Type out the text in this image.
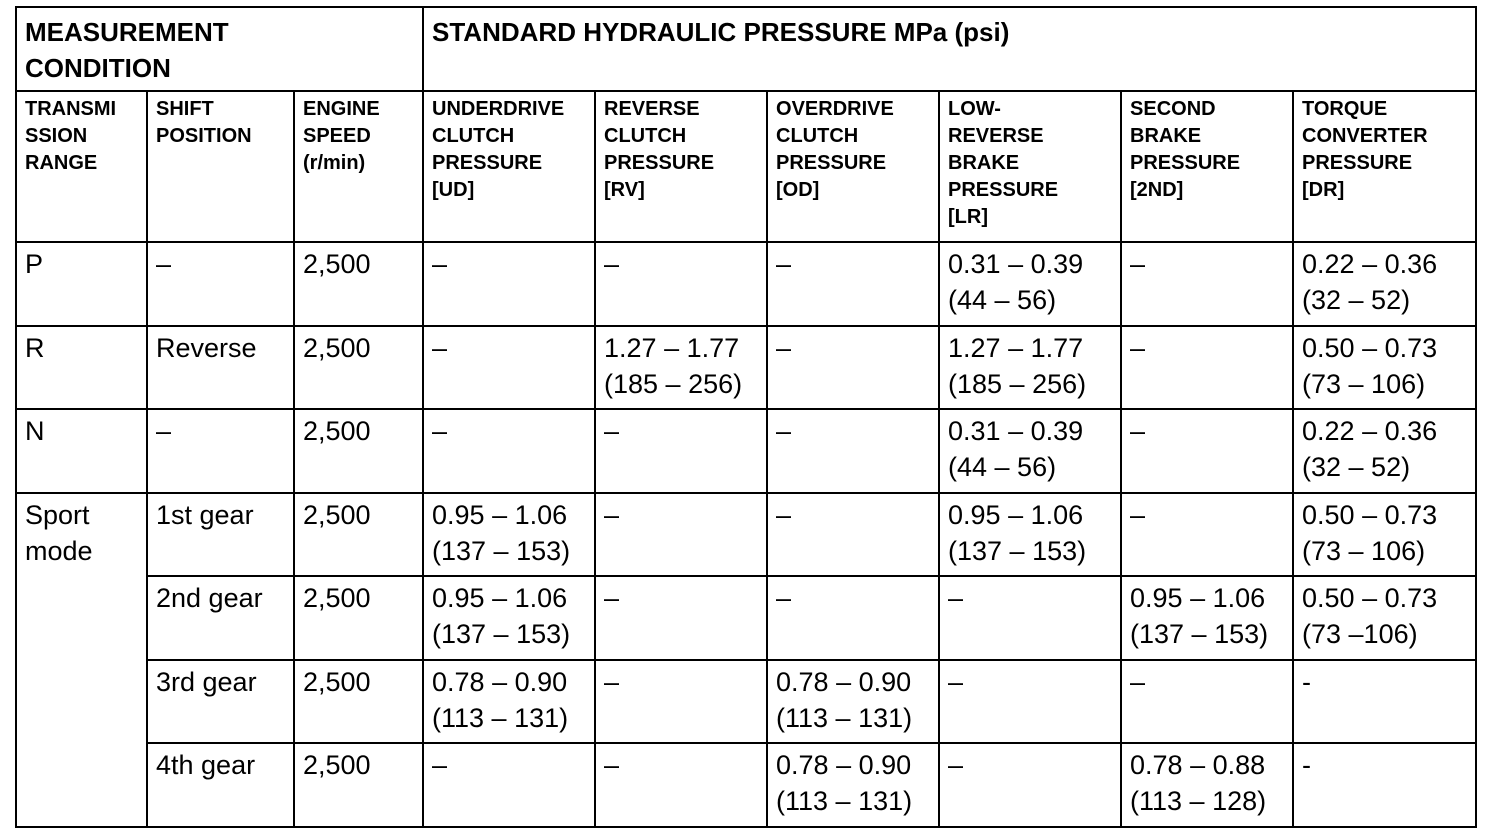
MEASUREMENT
CONDITION			STANDARD HYDRAULIC PRESSURE MPa (psi)					

TRANSMI
SSION
RANGE	SHIFT
POSITION	ENGINE
SPEED
(r/min)	UNDERDRIVE
CLUTCH
PRESSURE
[UD]	REVERSE
CLUTCH
PRESSURE
[RV]	OVERDRIVE
CLUTCH
PRESSURE
[OD]	LOW-
REVERSE
BRAKE
PRESSURE
[LR]	SECOND
BRAKE
PRESSURE
[2ND]	TORQUE
CONVERTER
PRESSURE
[DR]

P	–	2,500	–	–	–	0.31 – 0.39
(44 – 56)	–	0.22 – 0.36
(32 – 52)

R	Reverse	2,500	–	1.27 – 1.77
(185 – 256)	–	1.27 – 1.77
(185 – 256)	–	0.50 – 0.73
(73 – 106)

N	–	2,500	–	–	–	0.31 – 0.39
(44 – 56)	–	0.22 – 0.36
(32 – 52)

Sport
mode	1st gear	2,500	0.95 – 1.06
(137 – 153)	–	–	0.95 – 1.06
(137 – 153)	–	0.50 – 0.73
(73 – 106)

	2nd gear	2,500	0.95 – 1.06
(137 – 153)	–	–	–	0.95 – 1.06
(137 – 153)	0.50 – 0.73
(73 –106)

	3rd gear	2,500	0.78 – 0.90
(113 – 131)	–	0.78 – 0.90
(113 – 131)	–	–	-

	4th gear	2,500	–	–	0.78 – 0.90
(113 – 131)	–	0.78 – 0.88
(113 – 128)	-
